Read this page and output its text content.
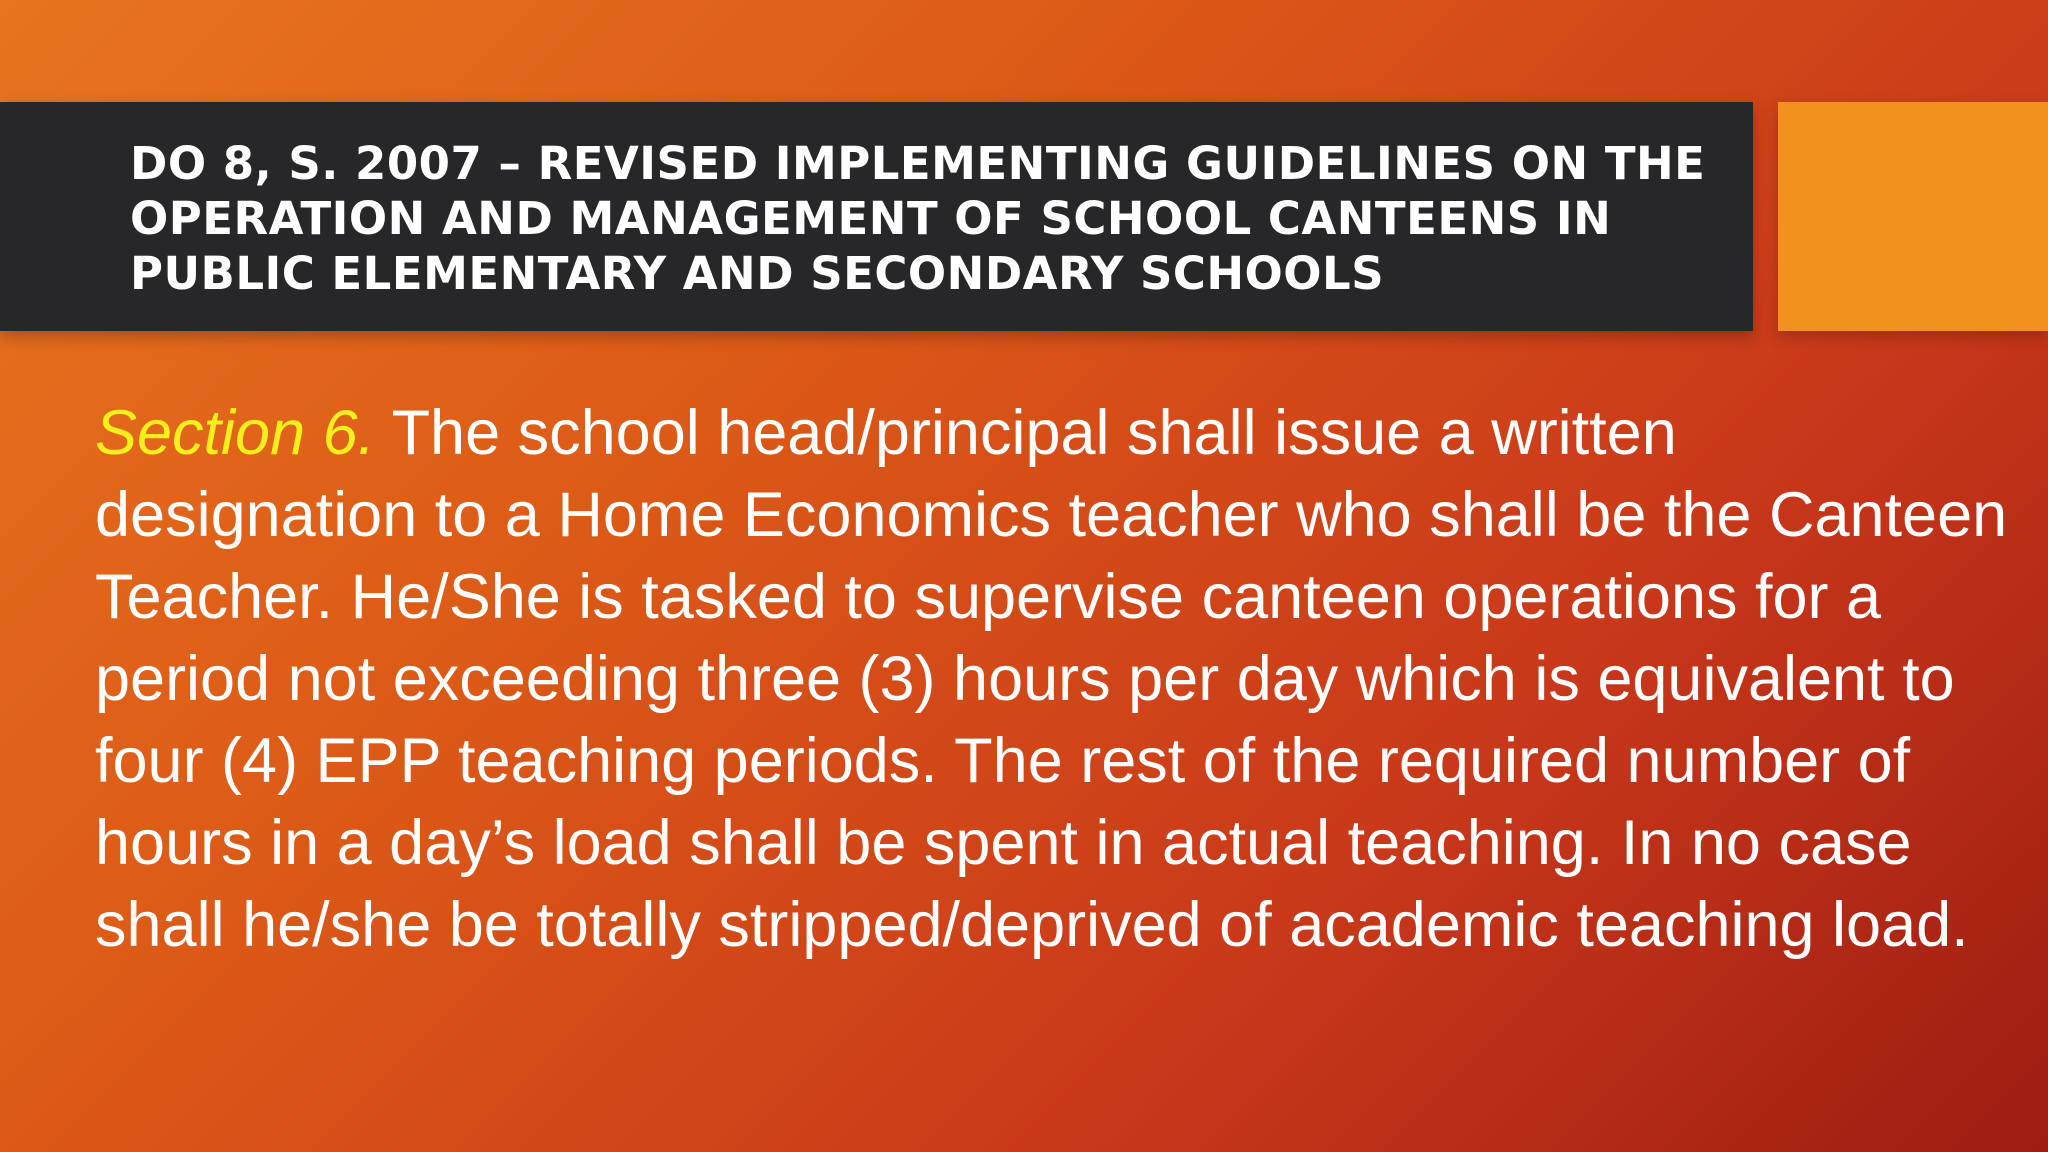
DO 8, S. 2007 – REVISED IMPLEMENTING GUIDELINES ON THE OPERATION AND MANAGEMENT OF SCHOOL CANTEENS IN PUBLIC ELEMENTARY AND SECONDARY SCHOOLS

Section 6. The school head/principal shall issue a written designation to a Home Economics teacher who shall be the Canteen Teacher. He/She is tasked to supervise canteen operations for a period not exceeding three (3) hours per day which is equivalent to four (4) EPP teaching periods. The rest of the required number of hours in a day’s load shall be spent in actual teaching. In no case shall he/she be totally stripped/deprived of academic teaching load.
